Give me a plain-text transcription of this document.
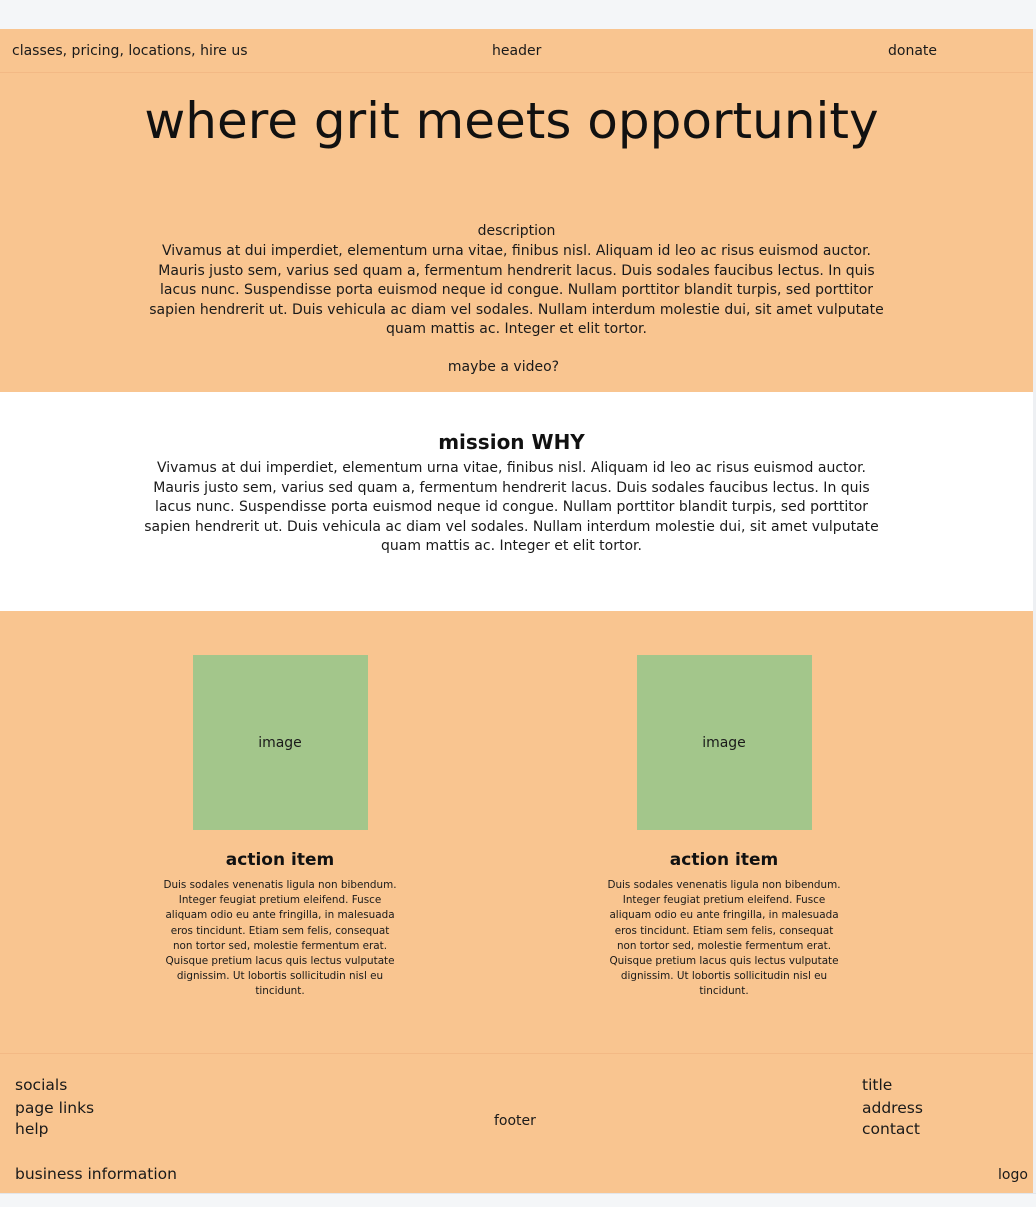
classes, pricing, locations, hire us	header	donate
where grit meets opportunity
description

Vivamus at dui imperdiet, elementum urna vitae, finibus nisl. Aliquam id leo ac risus euismod auctor. Mauris justo sem, varius sed quam a, fermentum hendrerit lacus. Duis sodales faucibus lectus. In quis lacus nunc. Suspendisse porta euismod neque id congue. Nullam porttitor blandit turpis, sed porttitor sapien hendrerit ut. Duis vehicula ac diam vel sodales. Nullam interdum molestie dui, sit amet vulputate quam mattis ac. Integer et elit tortor.

maybe a video?
mission WHY

Vivamus at dui imperdiet, elementum urna vitae, finibus nisl. Aliquam id leo ac risus euismod auctor. Mauris justo sem, varius sed quam a, fermentum hendrerit lacus. Duis sodales faucibus lectus. In quis lacus nunc. Suspendisse porta euismod neque id congue. Nullam porttitor blandit turpis, sed porttitor sapien hendrerit ut. Duis vehicula ac diam vel sodales. Nullam interdum molestie dui, sit amet vulputate quam mattis ac. Integer et elit tortor.

image
action item

Duis sodales venenatis ligula non bibendum. Integer feugiat pretium eleifend. Fusce aliquam odio eu ante fringilla, in malesuada eros tincidunt. Etiam sem felis, consequat non tortor sed, molestie fermentum erat. Quisque pretium lacus quis lectus vulputate dignissim. Ut lobortis sollicitudin nisl eu tincidunt.

image
action item

Duis sodales venenatis ligula non bibendum. Integer feugiat pretium eleifend. Fusce aliquam odio eu ante fringilla, in malesuada eros tincidunt. Etiam sem felis, consequat non tortor sed, molestie fermentum erat. Quisque pretium lacus quis lectus vulputate dignissim. Ut lobortis sollicitudin nisl eu tincidunt.

socials
page links
help	footer
title
address
contact
business information	logo
